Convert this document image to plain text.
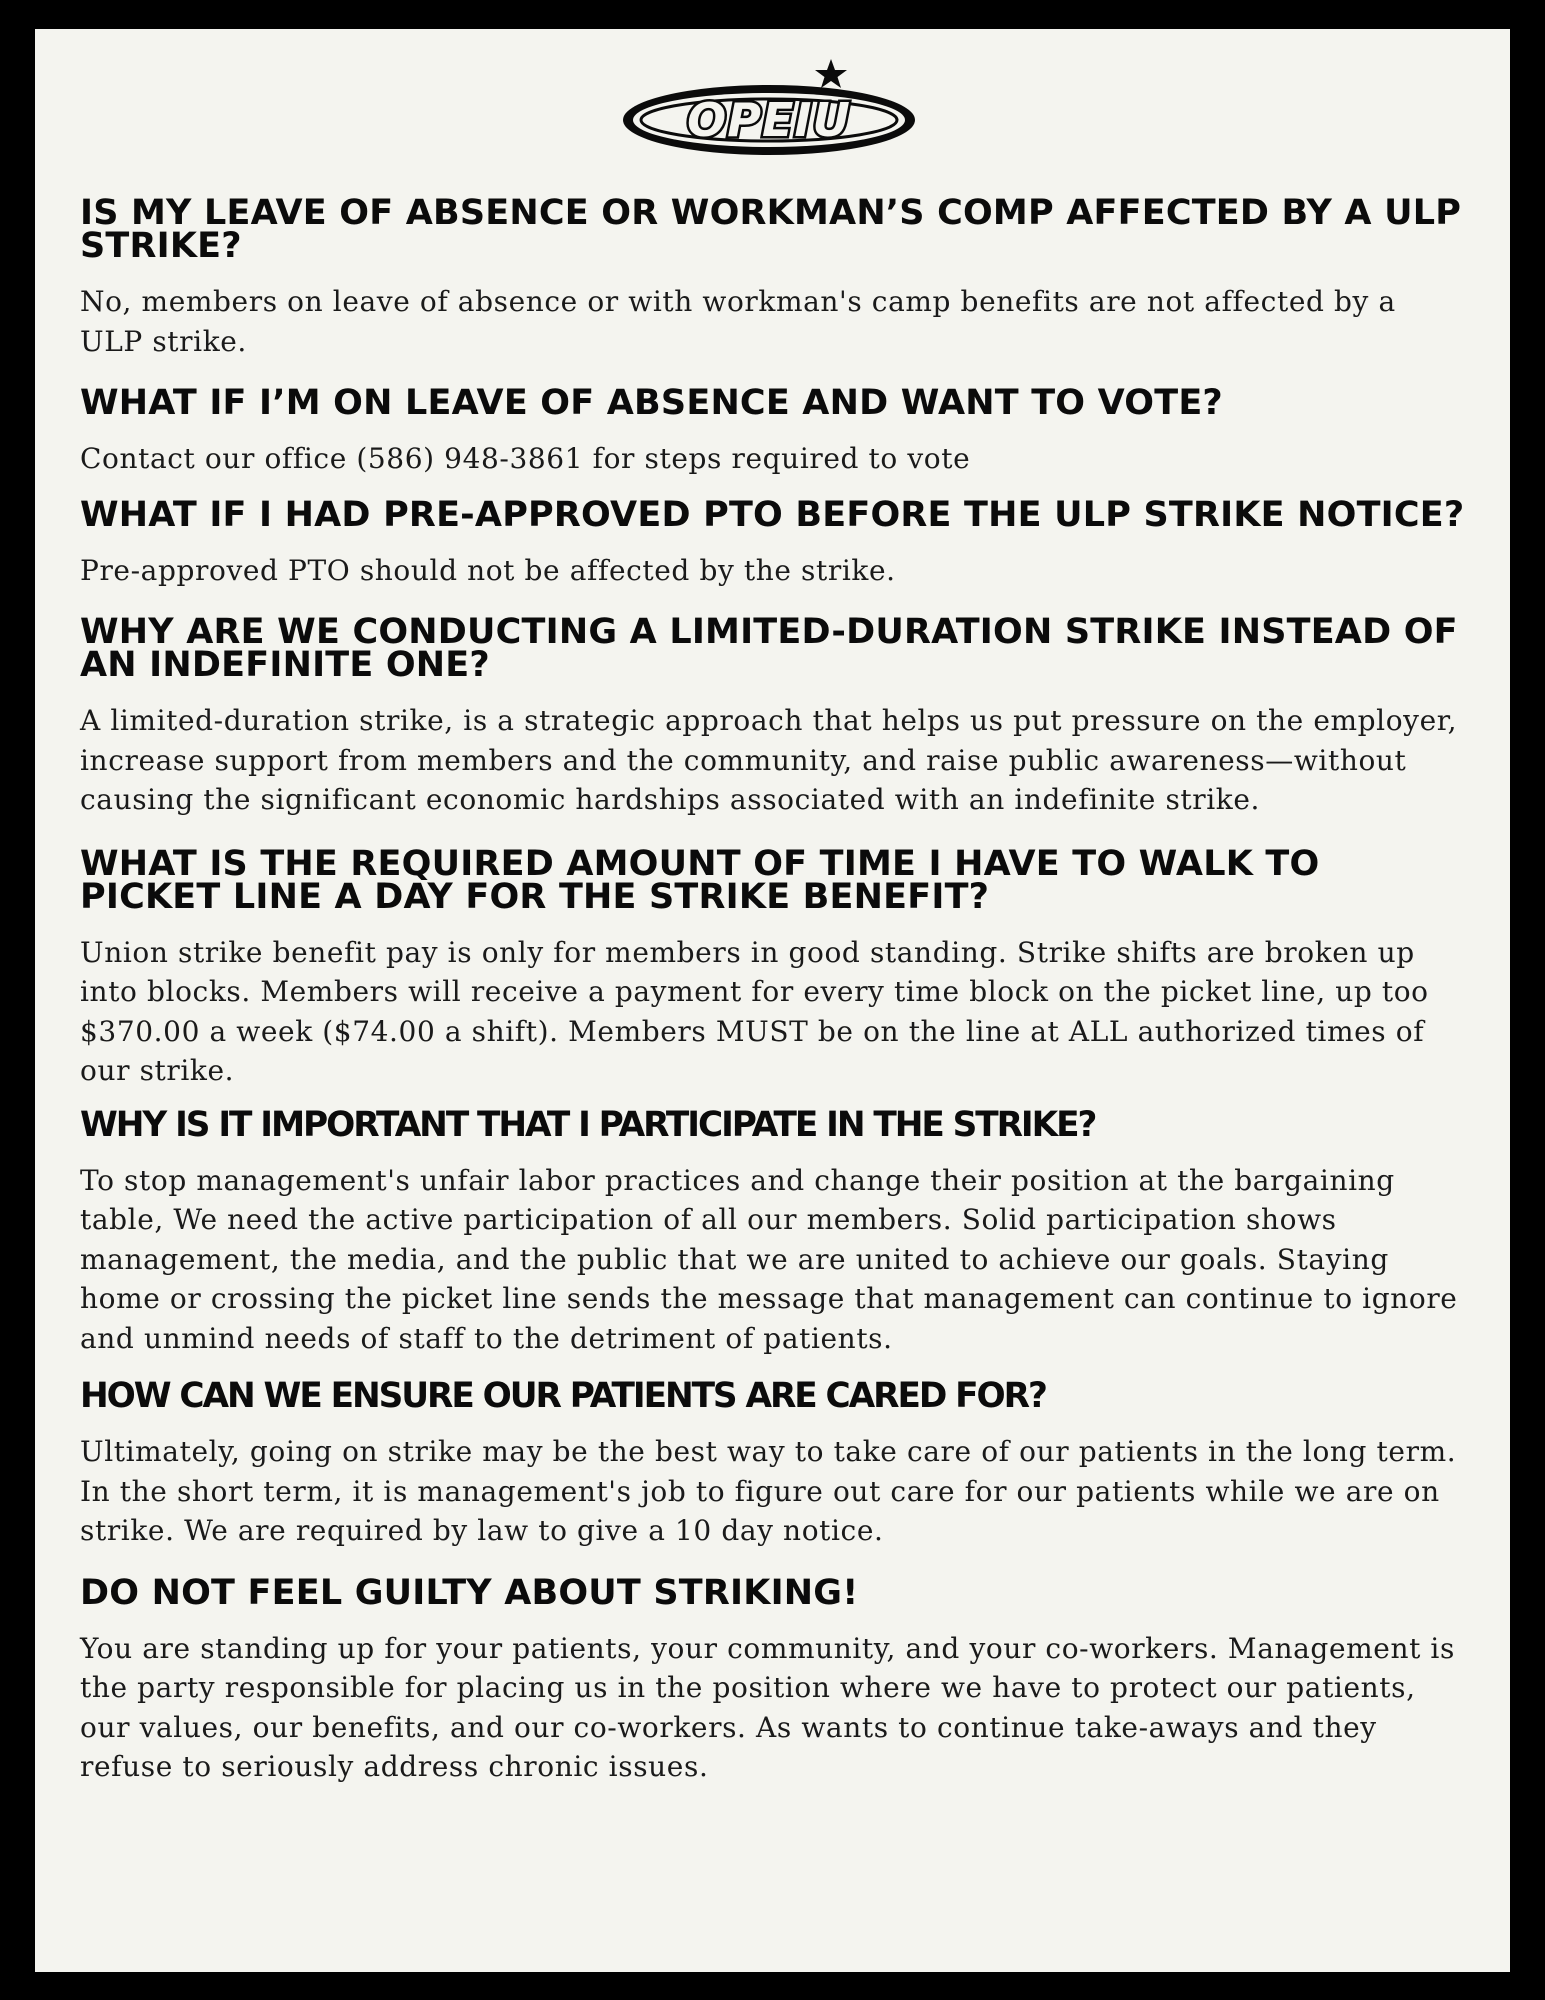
OPEIU
IS MY LEAVE OF ABSENCE OR WORKMAN’S COMP AFFECTED BY A ULP STRIKE?

No, members on leave of absence or with workman's camp benefits are not affected by a ULP strike.

WHAT IF I’M ON LEAVE OF ABSENCE AND WANT TO VOTE?

Contact our office (586) 948-3861 for steps required to vote

WHAT IF I HAD PRE-APPROVED PTO BEFORE THE ULP STRIKE NOTICE?

Pre-approved PTO should not be affected by the strike.

WHY ARE WE CONDUCTING A LIMITED-DURATION STRIKE INSTEAD OF AN INDEFINITE ONE?

A limited-duration strike, is a strategic approach that helps us put pressure on the employer, increase support from members and the community, and raise public awareness—without causing the significant economic hardships associated with an indefinite strike.

WHAT IS THE REQUIRED AMOUNT OF TIME I HAVE TO WALK TO PICKET LINE A DAY FOR THE STRIKE BENEFIT?

Union strike benefit pay is only for members in good standing. Strike shifts are broken up into blocks. Members will receive a payment for every time block on the picket line, up too $370.00 a week ($74.00 a shift). Members MUST be on the line at ALL authorized times of our strike.

WHY IS IT IMPORTANT THAT I PARTICIPATE IN THE STRIKE?

To stop management's unfair labor practices and change their position at the bargaining table, We need the active participation of all our members. Solid participation shows management, the media, and the public that we are united to achieve our goals. Staying home or crossing the picket line sends the message that management can continue to ignore and unmind needs of staff to the detriment of patients.

HOW CAN WE ENSURE OUR PATIENTS ARE CARED FOR?

Ultimately, going on strike may be the best way to take care of our patients in the long term. In the short term, it is management's job to figure out care for our patients while we are on strike. We are required by law to give a 10 day notice.

DO NOT FEEL GUILTY ABOUT STRIKING!

You are standing up for your patients, your community, and your co-workers. Management is the party responsible for placing us in the position where we have to protect our patients, our values, our benefits, and our co-workers. As wants to continue take-aways and they refuse to seriously address chronic issues.
